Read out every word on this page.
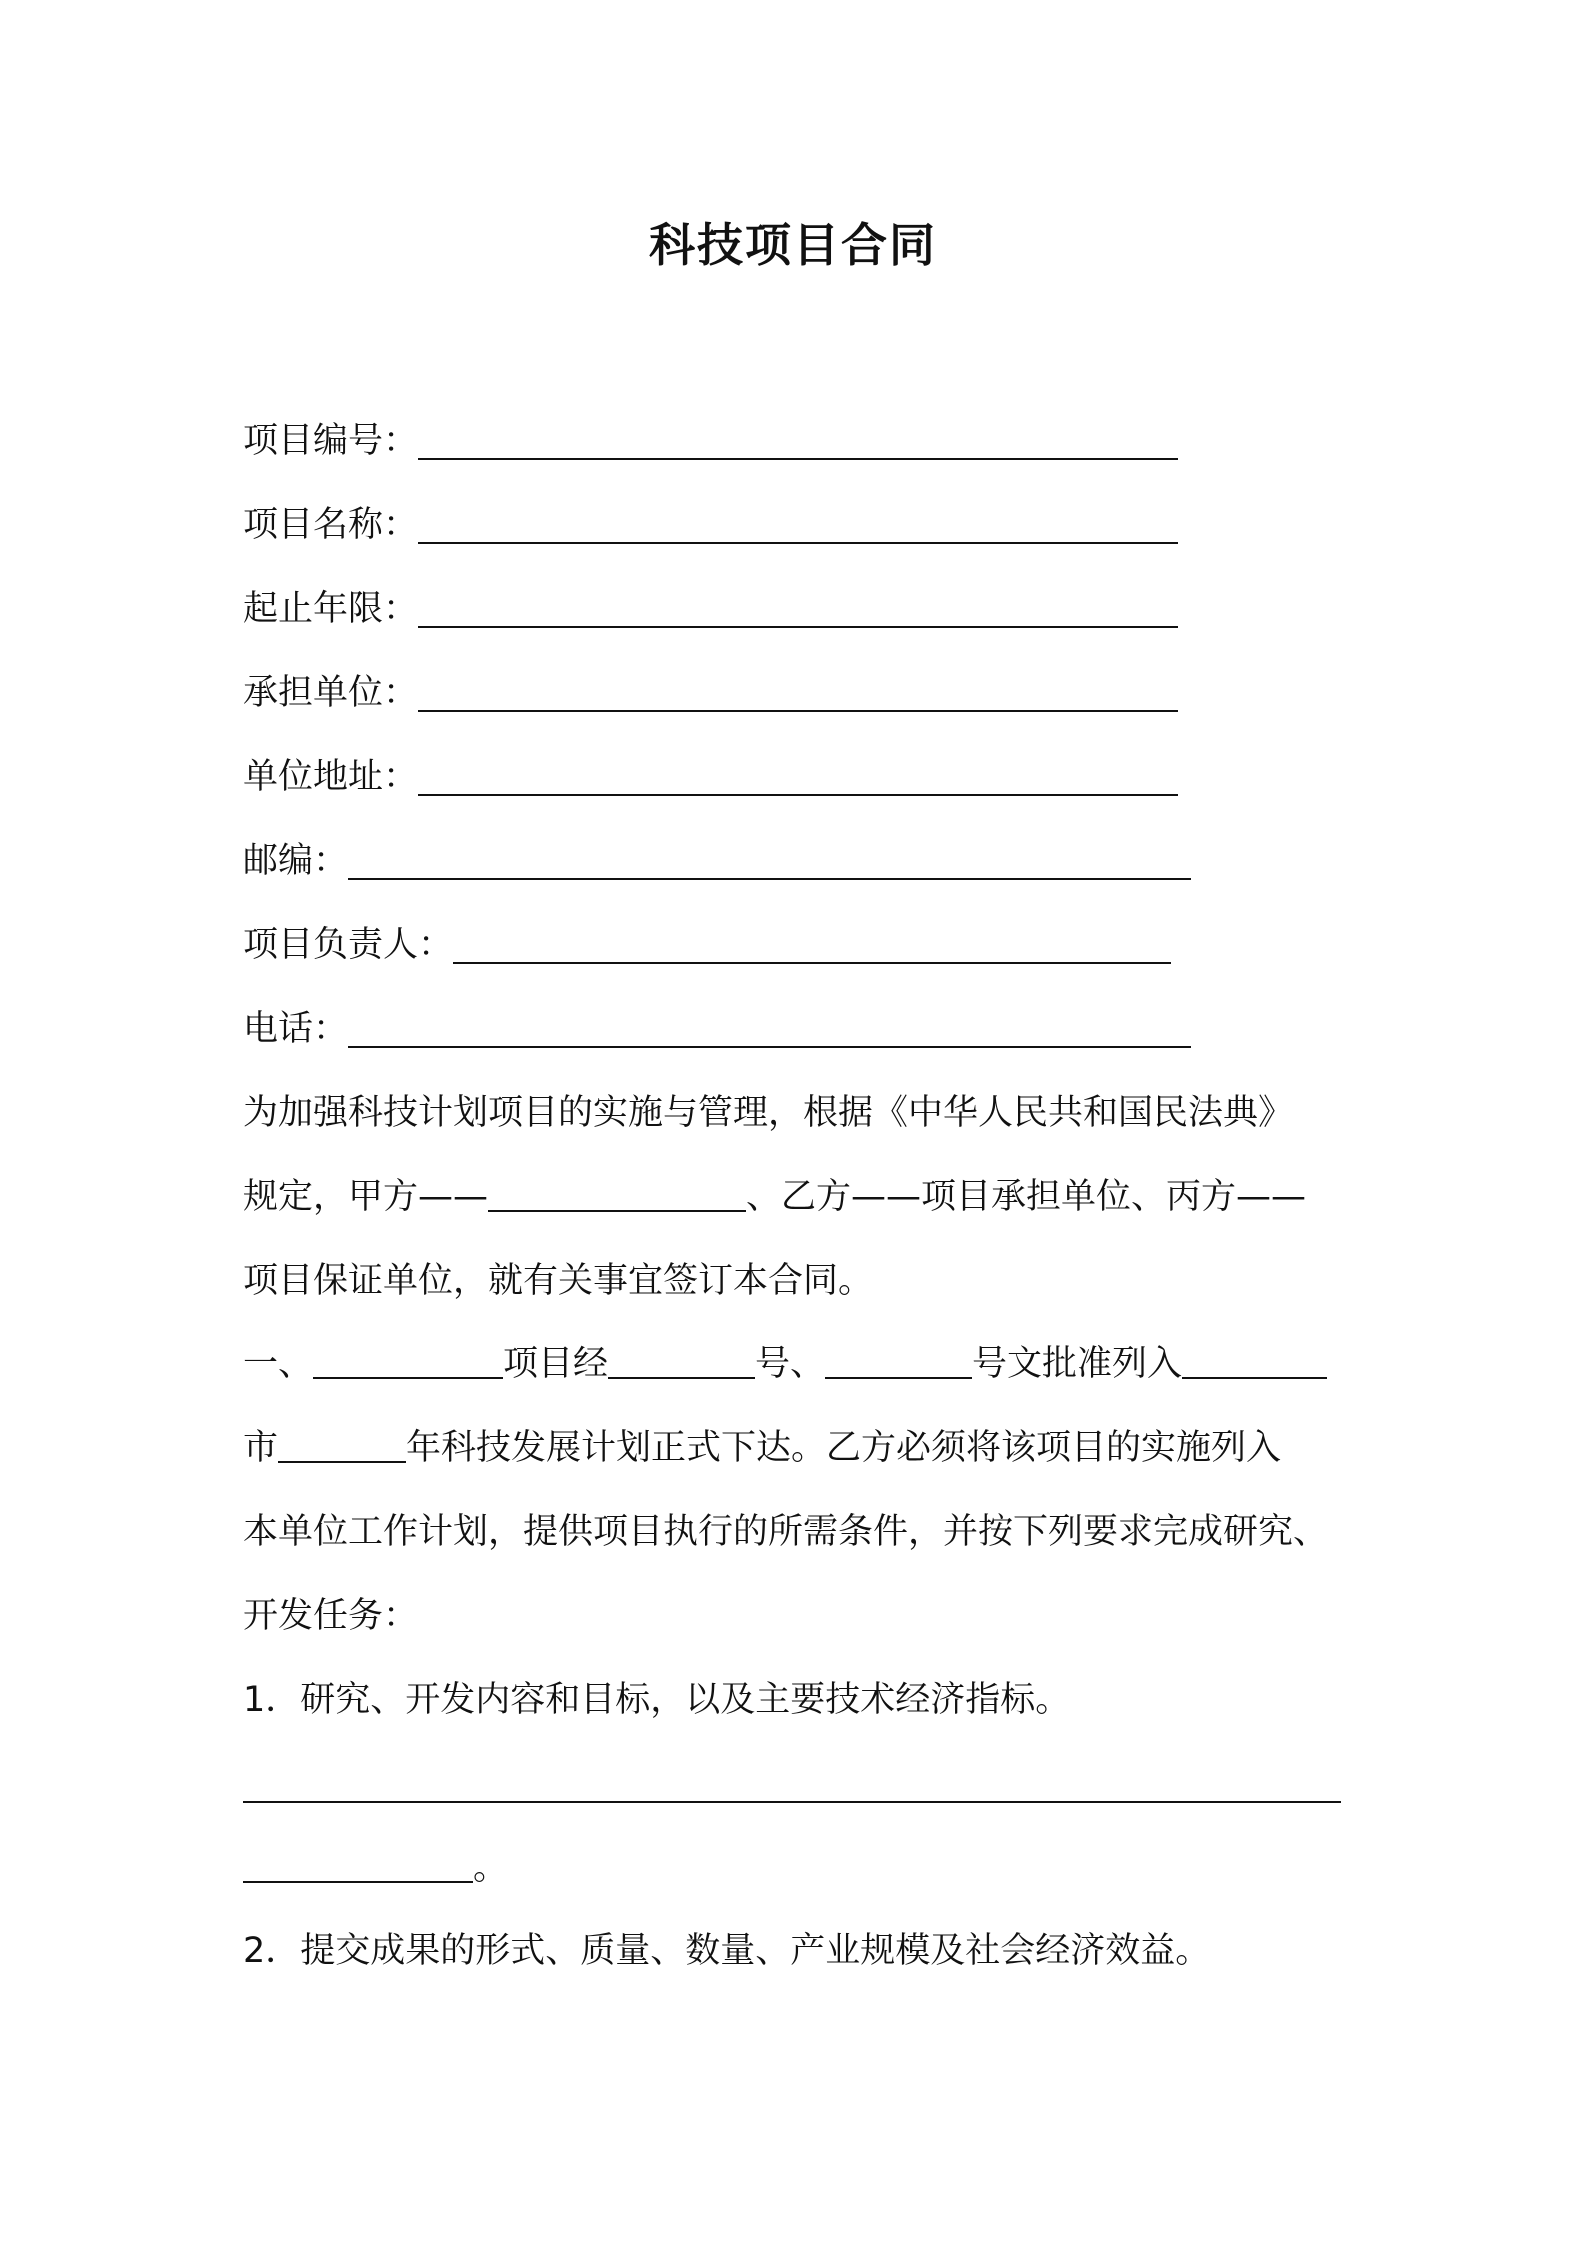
科技项目合同
项目编号：
项目名称：
起止年限：
承担单位：
单位地址：
邮编：
项目负责人：
电话：
为加强科技计划项目的实施与管理，根据《中华人民共和国民法典》
规定，甲方——	、乙方——项目承担单位、丙方——
项目保证单位，就有关事宜签订本合同。
一、	项目经	号、	号文批准列入
市	年科技发展计划正式下达。乙方必须将该项目的实施列入
本单位工作计划，提供项目执行的所需条件，并按下列要求完成研究、
开发任务：
1．研究、开发内容和目标，以及主要技术经济指标。
。
2．提交成果的形式、质量、数量、产业规模及社会经济效益。
